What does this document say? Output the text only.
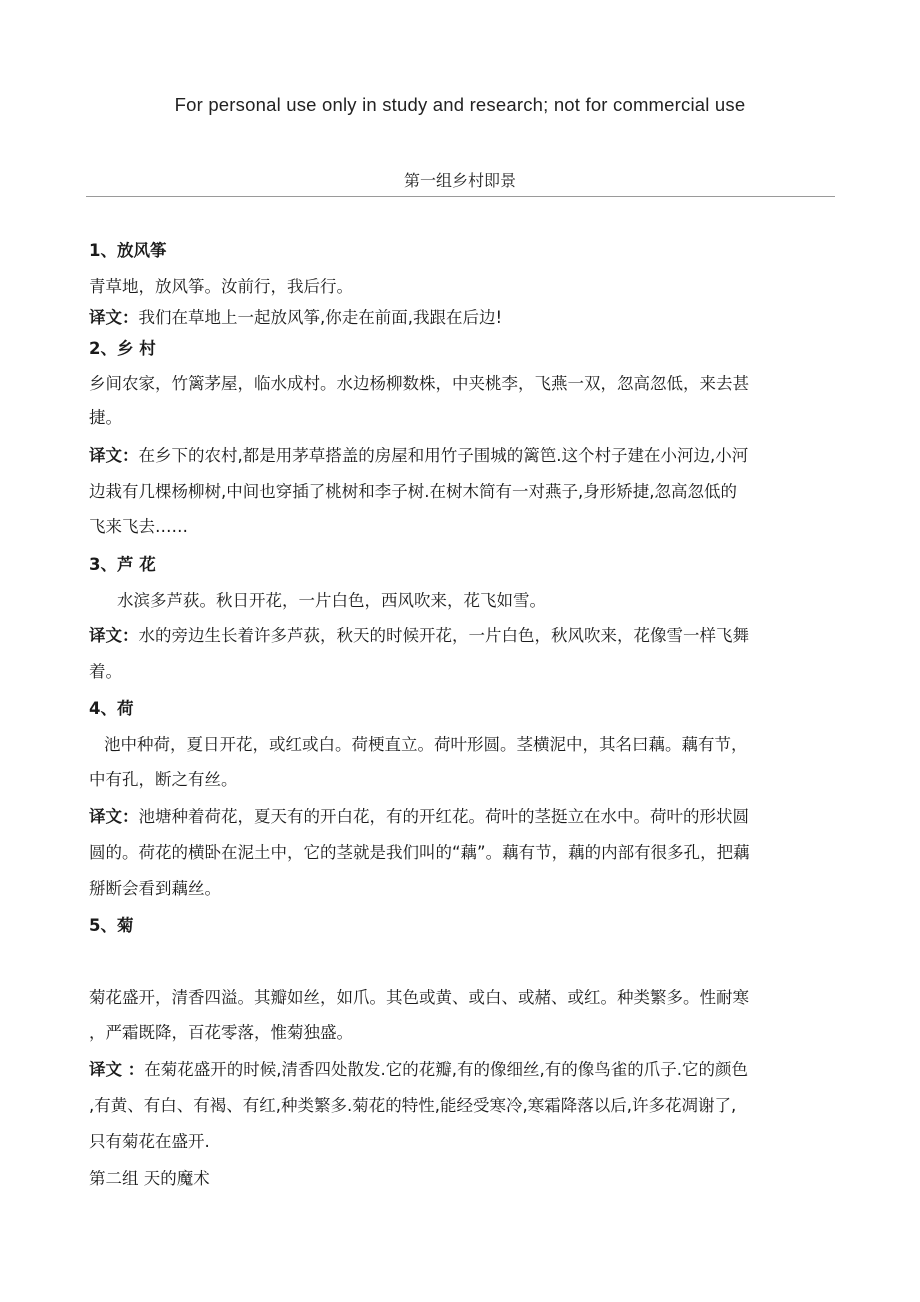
For personal use only in study and research; not for commercial use
第一组乡村即景
1、放风筝
青草地，放风筝。汝前行，我后行。
译文：我们在草地上一起放风筝,你走在前面,我跟在后边!
2、乡 村
乡间农家，竹篱茅屋，临水成村。水边杨柳数株，中夹桃李，飞燕一双，忽高忽低，来去甚
捷。
译文：在乡下的农村,都是用茅草搭盖的房屋和用竹子围城的篱笆.这个村子建在小河边,小河
边栽有几棵杨柳树,中间也穿插了桃树和李子树.在树木简有一对燕子,身形矫捷,忽高忽低的
飞来飞去……
3、芦 花
水滨多芦荻。秋日开花，一片白色，西风吹来，花飞如雪。
译文：水的旁边生长着许多芦荻，秋天的时候开花，一片白色，秋风吹来，花像雪一样飞舞
着。
4、荷
池中种荷，夏日开花，或红或白。荷梗直立。荷叶形圆。茎横泥中，其名曰藕。藕有节，
中有孔，断之有丝。
译文：池塘种着荷花，夏天有的开白花，有的开红花。荷叶的茎挺立在水中。荷叶的形状圆
圆的。荷花的横卧在泥土中，它的茎就是我们叫的“藕”。藕有节，藕的内部有很多孔，把藕
掰断会看到藕丝。
5、菊
菊花盛开，清香四溢。其瓣如丝，如爪。其色或黄、或白、或赭、或红。种类繁多。性耐寒
，严霜既降，百花零落，惟菊独盛。
译文 ：在菊花盛开的时候,清香四处散发.它的花瓣,有的像细丝,有的像鸟雀的爪子.它的颜色
,有黄、有白、有褐、有红,种类繁多.菊花的特性,能经受寒冷,寒霜降落以后,许多花凋谢了,
只有菊花在盛开.
第二组 天的魔术
